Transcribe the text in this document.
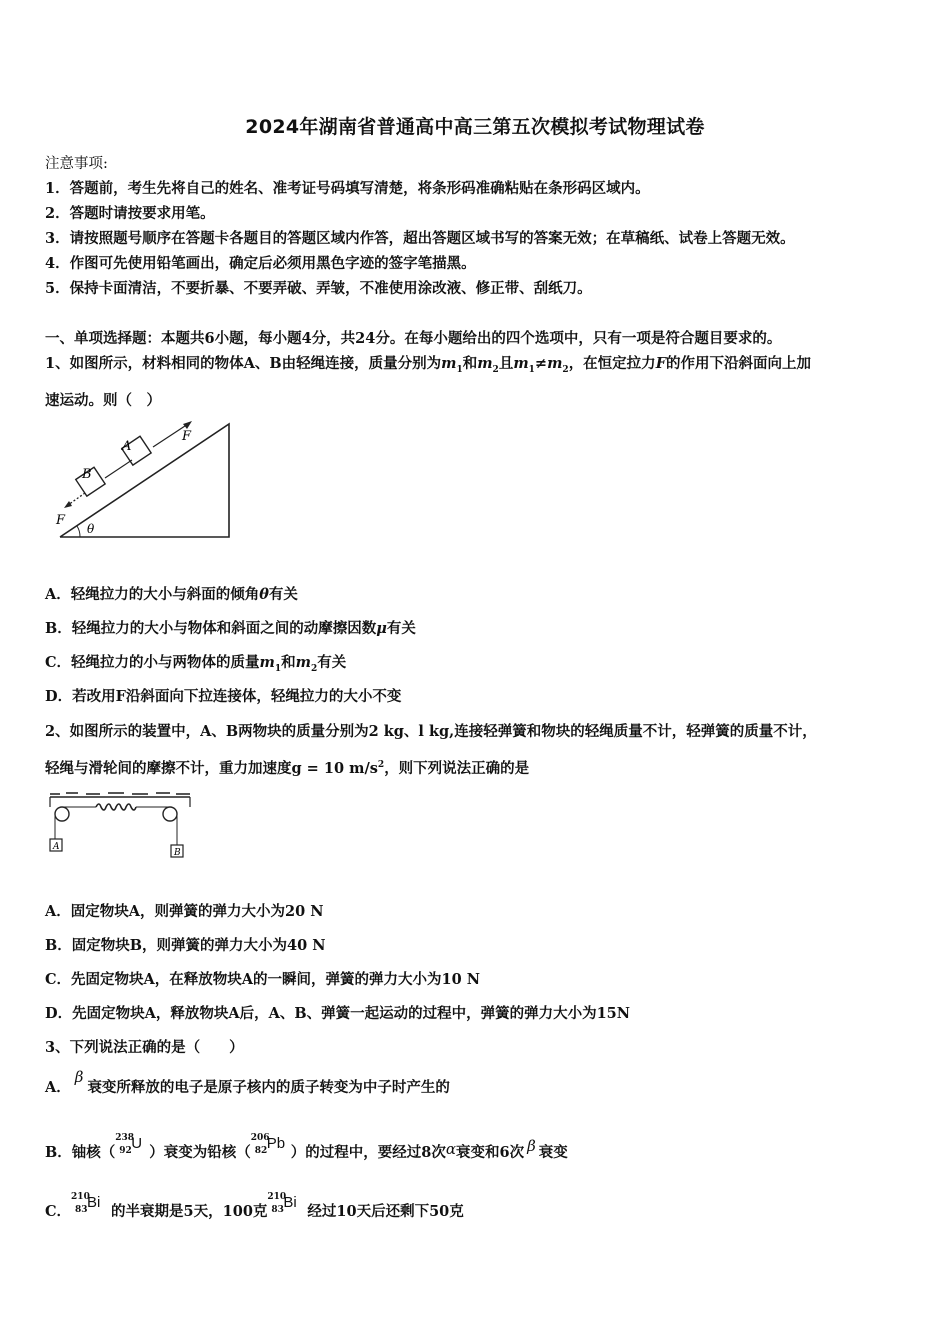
2024年湖南省普通高中高三第五次模拟考试物理试卷
注意事项:
1．答题前，考生先将自己的姓名、准考证号码填写清楚，将条形码准确粘贴在条形码区域内。
2．答题时请按要求用笔。
3．请按照题号顺序在答题卡各题目的答题区域内作答，超出答题区域书写的答案无效；在草稿纸、试卷上答题无效。
4．作图可先使用铅笔画出，确定后必须用黑色字迹的签字笔描黑。
5．保持卡面清洁，不要折暴、不要弄破、弄皱，不准使用涂改液、修正带、刮纸刀。
一、单项选择题：本题共6小题，每小题4分，共24分。在每小题给出的四个选项中，只有一项是符合题目要求的。
1、如图所示，材料相同的物体A、B由轻绳连接，质量分别为$m_1$和$m_2$且$m_1\ne m_2$，在恒定拉力F的作用下沿斜面向上加
速运动。则（　）
A
B
F
F
θ
A．轻绳拉力的大小与斜面的倾角θ有关
B．轻绳拉力的大小与物体和斜面之间的动摩擦因数μ有关
C．轻绳拉力的小与两物体的质量$m_1$和$m_2$有关
D．若改用F沿斜面向下拉连接体，轻绳拉力的大小不变
2、如图所示的装置中，A、B两物块的质量分别为2 kg、l kg,连接轻弹簧和物块的轻绳质量不计，轻弹簧的质量不计，
轻绳与滑轮间的摩擦不计，重力加速度g = 10 $m/s^2$，则下列说法正确的是
A
B
A．固定物块A，则弹簧的弹力大小为20 N
B．固定物块B，则弹簧的弹力大小为40 N
C．先固定物块A，在释放物块A的一瞬间，弹簧的弹力大小为10 N
D．先固定物块A，释放物块A后，A、B、弹簧一起运动的过程中，弹簧的弹力大小为15N
3、下列说法正确的是（　　）
A．β衰变所释放的电子是原子核内的质子转变为中子时产生的
B．铀核（
238
92 U
）衰变为铅核（
206
82 Pb
）的过程中，要经过8次α衰变和6次 β 衰变
C．
210
83 Bi
的半衰期是5天，100克
210
83 Bi
经过10天后还剩下50克
